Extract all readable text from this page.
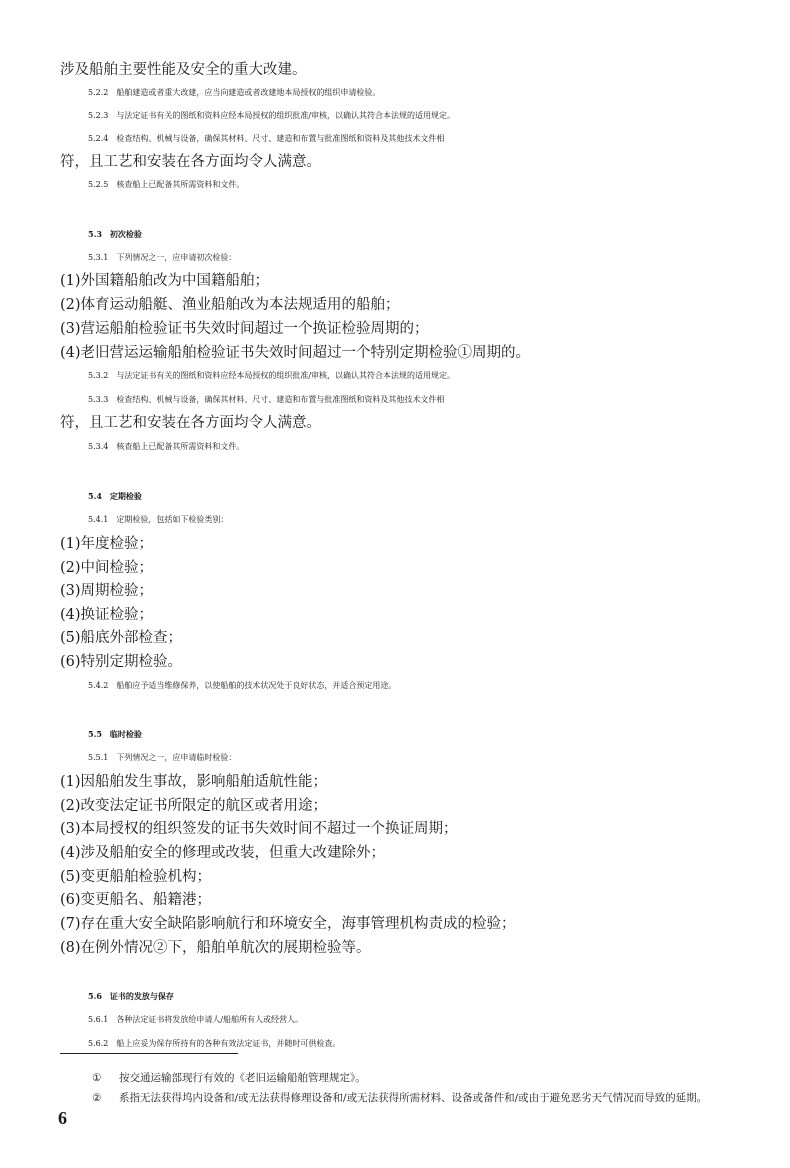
涉及船舶主要性能及安全的重大改建。
5.2.2　船舶建造或者重大改建，应当向建造或者改建地本局授权的组织申请检验。
5.2.3　与法定证书有关的图纸和资料应经本局授权的组织批准/审核，以确认其符合本法规的适用规定。
5.2.4　检查结构、机械与设备，确保其材料、尺寸、建造和布置与批准图纸和资料及其他技术文件相
符，且工艺和安装在各方面均令人满意。
5.2.5　核查船上已配备其所需资料和文件。
5.3　初次检验
5.3.1　下列情况之一，应申请初次检验：
(1)外国籍船舶改为中国籍船舶；
(2)体育运动船艇、渔业船舶改为本法规适用的船舶；
(3)营运船舶检验证书失效时间超过一个换证检验周期的；
(4)老旧营运运输船舶检验证书失效时间超过一个特别定期检验①周期的。
5.3.2　与法定证书有关的图纸和资料应经本局授权的组织批准/审核，以确认其符合本法规的适用规定。
5.3.3　检查结构、机械与设备，确保其材料、尺寸、建造和布置与批准图纸和资料及其他技术文件相
符，且工艺和安装在各方面均令人满意。
5.3.4　核查船上已配备其所需资料和文件。
5.4　定期检验
5.4.1　定期检验，包括如下检验类别：
(1)年度检验；
(2)中间检验；
(3)周期检验；
(4)换证检验；
(5)船底外部检查；
(6)特别定期检验。
5.4.2　船舶应予适当维修保养，以使船舶的技术状况处于良好状态，并适合预定用途。
5.5　临时检验
5.5.1　下列情况之一，应申请临时检验：
(1)因船舶发生事故，影响船舶适航性能；
(2)改变法定证书所限定的航区或者用途；
(3)本局授权的组织签发的证书失效时间不超过一个换证周期；
(4)涉及船舶安全的修理或改装，但重大改建除外；
(5)变更船舶检验机构；
(6)变更船名、船籍港；
(7)存在重大安全缺陷影响航行和环境安全，海事管理机构责成的检验；
(8)在例外情况②下，船舶单航次的展期检验等。
5.6　证书的发放与保存
5.6.1　各种法定证书将发放给申请人/船舶所有人或经营人。
5.6.2　船上应妥为保存所持有的各种有效法定证书，并随时可供检查。
① 按交通运输部现行有效的《老旧运输船舶管理规定》。
② 系指无法获得坞内设备和/或无法获得修理设备和/或无法获得所需材料、设备或备件和/或由于避免恶劣天气情况而导致的延期。
6
